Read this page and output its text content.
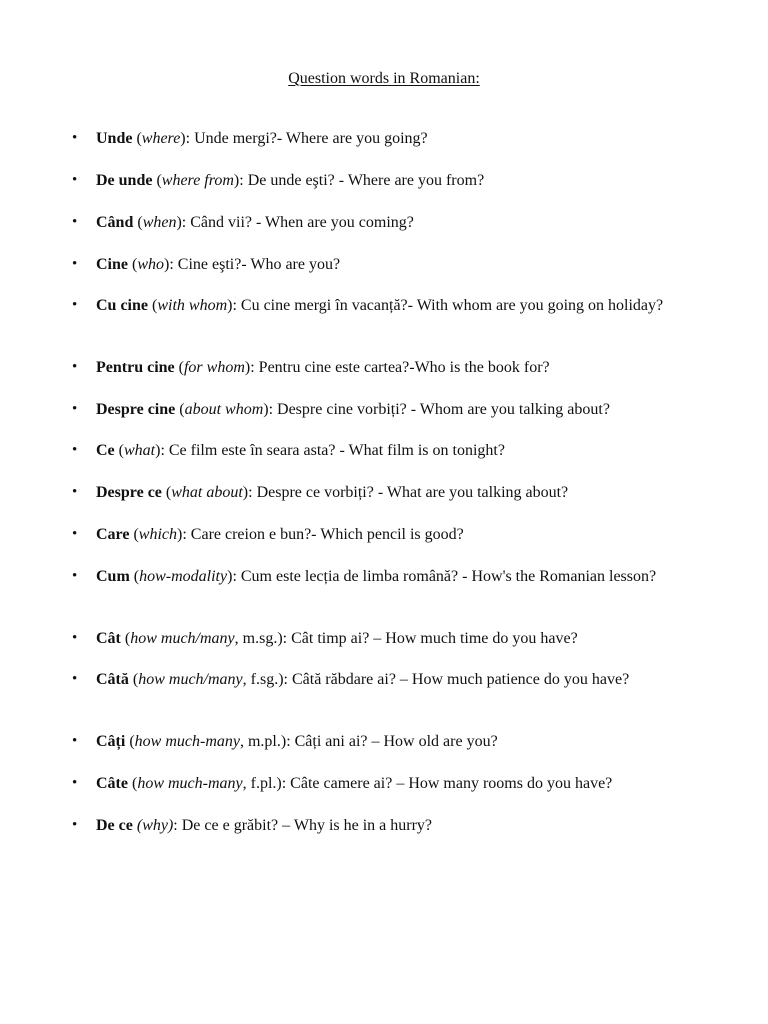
Question words in Romanian:
• Unde (where): Unde mergi?- Where are you going?
• De unde (where from): De unde eşti? - Where are you from?
• Când (when): Când vii? - When are you coming?
• Cine (who): Cine eşti?- Who are you?
• Cu cine (with whom): Cu cine mergi în vacanță?- With whom are you going on holiday?
• Pentru cine (for whom): Pentru cine este cartea?-Who is the book for?
• Despre cine (about whom): Despre cine vorbiți? - Whom are you talking about?
• Ce (what): Ce film este în seara asta? - What film is on tonight?
• Despre ce (what about): Despre ce vorbiți? - What are you talking about?
• Care (which): Care creion e bun?- Which pencil is good?
• Cum (how-modality): Cum este lecția de limba română? - How's the Romanian lesson?
• Cât (how much/many, m.sg.): Cât timp ai? – How much time do you have?
• Câtă (how much/many, f.sg.): Câtă răbdare ai? – How much patience do you have?
• Câți (how much-many, m.pl.): Câți ani ai? – How old are you?
• Câte (how much-many, f.pl.): Câte camere ai? – How many rooms do you have?
• De ce (why): De ce e grăbit? – Why is he in a hurry?
